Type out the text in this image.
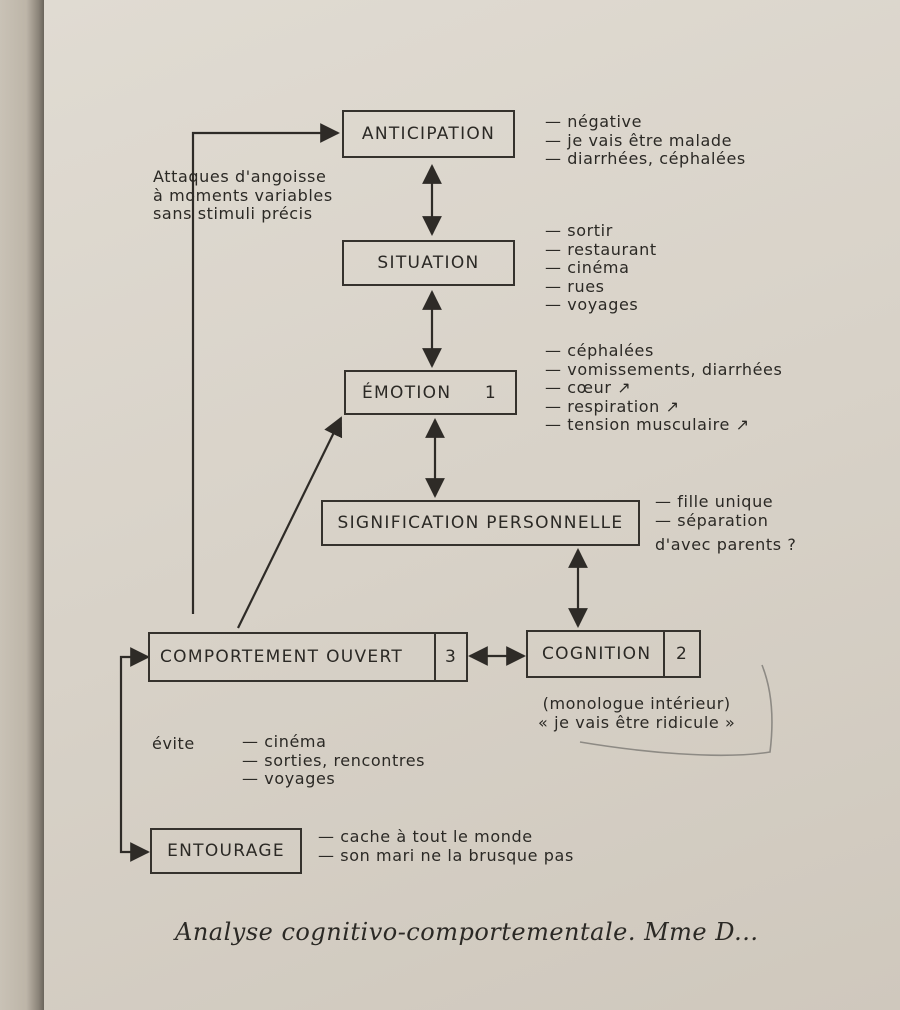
ANTICIPATION
SITUATION
ÉMOTION 1
SIGNIFICATION PERSONNELLE
COMPORTEMENT OUVERT	3	COGNITION	2
ENTOURAGE
Attaques d'angoisse
à moments variables
sans stimuli précis
— négative
— je vais être malade
— diarrhées, céphalées
— sortir
— restaurant
— cinéma
— rues
— voyages
— céphalées
— vomissements, diarrhées
— cœur ↗
— respiration ↗
— tension musculaire ↗
— fille unique
— séparation
d'avec parents ?
(monologue intérieur)
« je vais être ridicule »
évite	— cinéma
— sorties, rencontres
— voyages
— cache à tout le monde
— son mari ne la brusque pas
Analyse cognitivo-comportementale. Mme D...
